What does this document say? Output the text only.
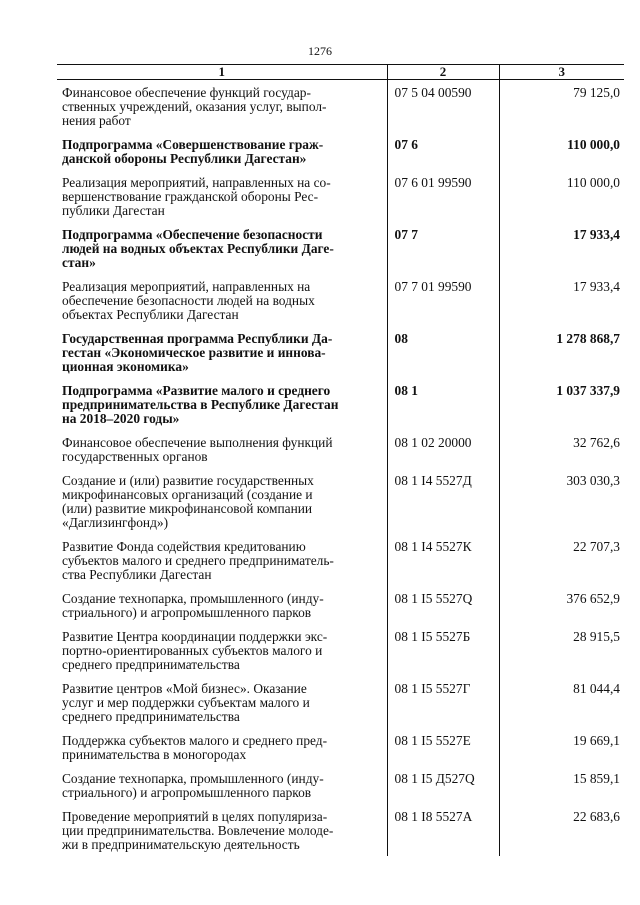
1276
1	2	3
Финансовое обеспечение функций государ-
ственных учреждений, оказания услуг, выпол-
нения работ	07 5 04 00590	79 125,0
Подпрограмма «Совершенствование граж-
данской обороны Республики Дагестан»	07 6	110 000,0
Реализация мероприятий, направленных на со-
вершенствование гражданской обороны Рес-
публики Дагестан	07 6 01 99590	110 000,0
Подпрограмма «Обеспечение безопасности
людей на водных объектах Республики Даге-
стан»	07 7	17 933,4
Реализация мероприятий, направленных на
обеспечение безопасности людей на водных
объектах Республики Дагестан	07 7 01 99590	17 933,4
Государственная программа Республики Да-
гестан «Экономическое развитие и иннова-
ционная экономика»	08	1 278 868,7
Подпрограмма «Развитие малого и среднего
предпринимательства в Республике Дагестан
на 2018–2020 годы»	08 1	1 037 337,9
Финансовое обеспечение выполнения функций
государственных органов	08 1 02 20000	32 762,6
Создание и (или) развитие государственных
микрофинансовых организаций (создание и
(или) развитие микрофинансовой компании
«Даглизингфонд»)	08 1 I4 5527Д	303 030,3
Развитие Фонда содействия кредитованию
субъектов малого и среднего предприниматель-
ства Республики Дагестан	08 1 I4 5527К	22 707,3
Создание технопарка, промышленного (инду-
стриального) и агропромышленного парков	08 1 I5 5527Q	376 652,9
Развитие Центра координации поддержки экс-
портно-ориентированных субъектов малого и
среднего предпринимательства	08 1 I5 5527Б	28 915,5
Развитие центров «Мой бизнес». Оказание
услуг и мер поддержки субъектам малого и
среднего предпринимательства	08 1 I5 5527Г	81 044,4
Поддержка субъектов малого и среднего пред-
принимательства в моногородах	08 1 I5 5527Е	19 669,1
Создание технопарка, промышленного (инду-
стриального) и агропромышленного парков	08 1 I5 Д527Q	15 859,1
Проведение мероприятий в целях популяриза-
ции предпринимательства. Вовлечение молоде-
жи в предпринимательскую деятельность	08 1 I8 5527А	22 683,6
